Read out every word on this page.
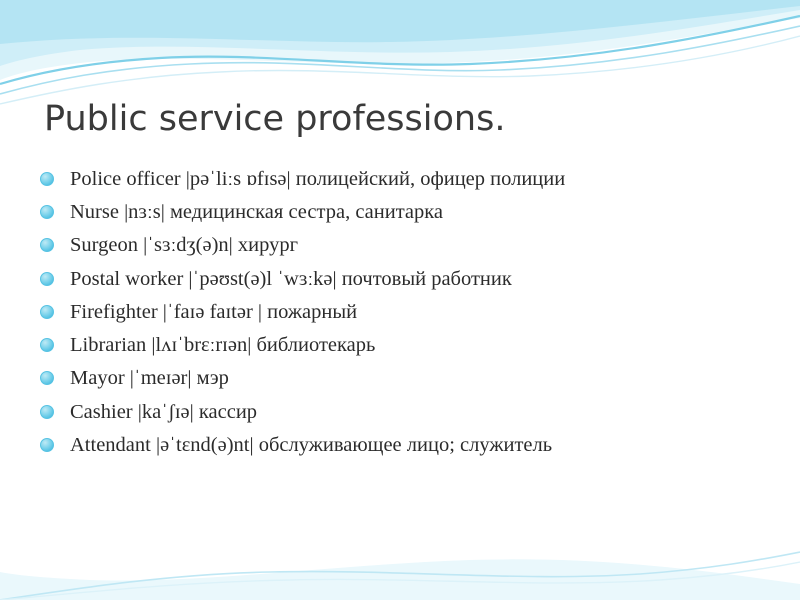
Public service professions.
Police officer |pəˈliːs ɒfɪsə| полицейский, офицер полиции
Nurse |nɜːs| медицинская сестра, санитарка
Surgeon |ˈsɜːdʒ(ə)n| хирург
Postal worker |ˈpəʊst(ə)l ˈwɜːkə| почтовый работник
Firefighter |ˈfaɪə faɪtər | пожарный
Librarian |lʌɪˈbrɛːrɪən| библиотекарь
Mayor |ˈmeɪər| мэр
Cashier |kaˈʃɪə| кассир
Attendant |əˈtɛnd(ə)nt| обслуживающее лицо; служитель
